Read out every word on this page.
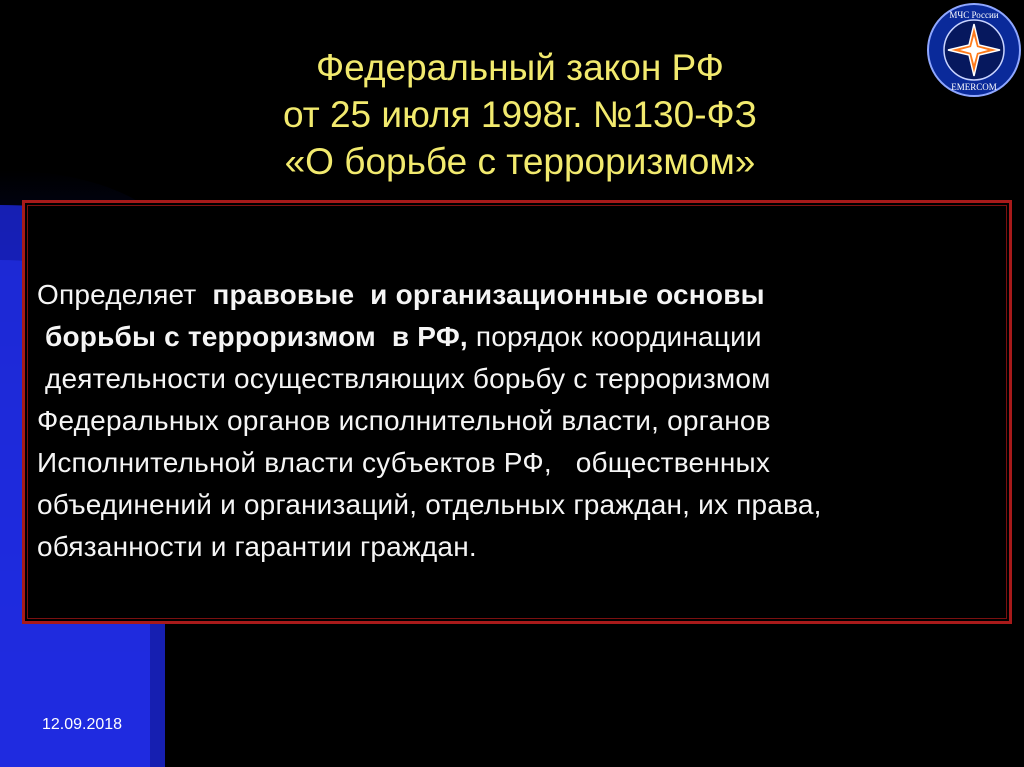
МЧС России
EMERCOM
Федеральный закон РФ
от 25 июля 1998г. №130-ФЗ
«О борьбе с терроризмом»
Определяет  правовые  и организационные основы
борьбы с терроризмом  в РФ, порядок координации
деятельности осуществляющих борьбу с терроризмом
Федеральных органов исполнительной власти, органов
Исполнительной власти субъектов РФ,   общественных
объединений и организаций, отдельных граждан, их права,
обязанности и гарантии граждан.
12.09.2018
